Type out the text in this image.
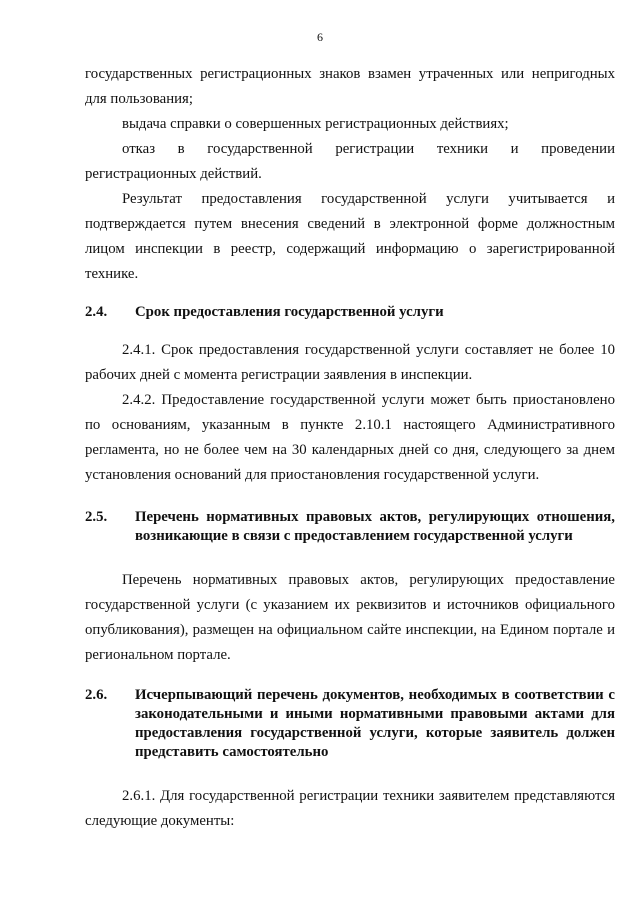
6

государственных регистрационных знаков взамен утраченных или непригодных для пользования;

выдача справки о совершенных регистрационных действиях;

отказ в государственной регистрации техники и проведении регистрационных действий.

Результат предоставления государственной услуги учитывается и подтверждается путем внесения сведений в электронной форме должностным лицом инспекции в реестр, содержащий информацию о зарегистрированной технике.

2.4.	Срок предоставления государственной услуги

2.4.1. Срок предоставления государственной услуги составляет не более 10 рабочих дней с момента регистрации заявления в инспекции.

2.4.2. Предоставление государственной услуги может быть приостановлено по основаниям, указанным в пункте 2.10.1 настоящего Административного регламента, но не более чем на 30 календарных дней со дня, следующего за днем установления оснований для приостановления государственной услуги.

2.5.	Перечень нормативных правовых актов, регулирующих отношения, возникающие в связи с предоставлением государственной услуги

Перечень нормативных правовых актов, регулирующих предоставление государственной услуги (с указанием их реквизитов и источников официального опубликования), размещен на официальном сайте инспекции, на Едином портале и региональном портале.

2.6.	Исчерпывающий перечень документов, необходимых в соответствии с законодательными и иными нормативными правовыми актами для предоставления государственной услуги, которые заявитель должен представить самостоятельно

2.6.1. Для государственной регистрации техники заявителем представляются следующие документы:
